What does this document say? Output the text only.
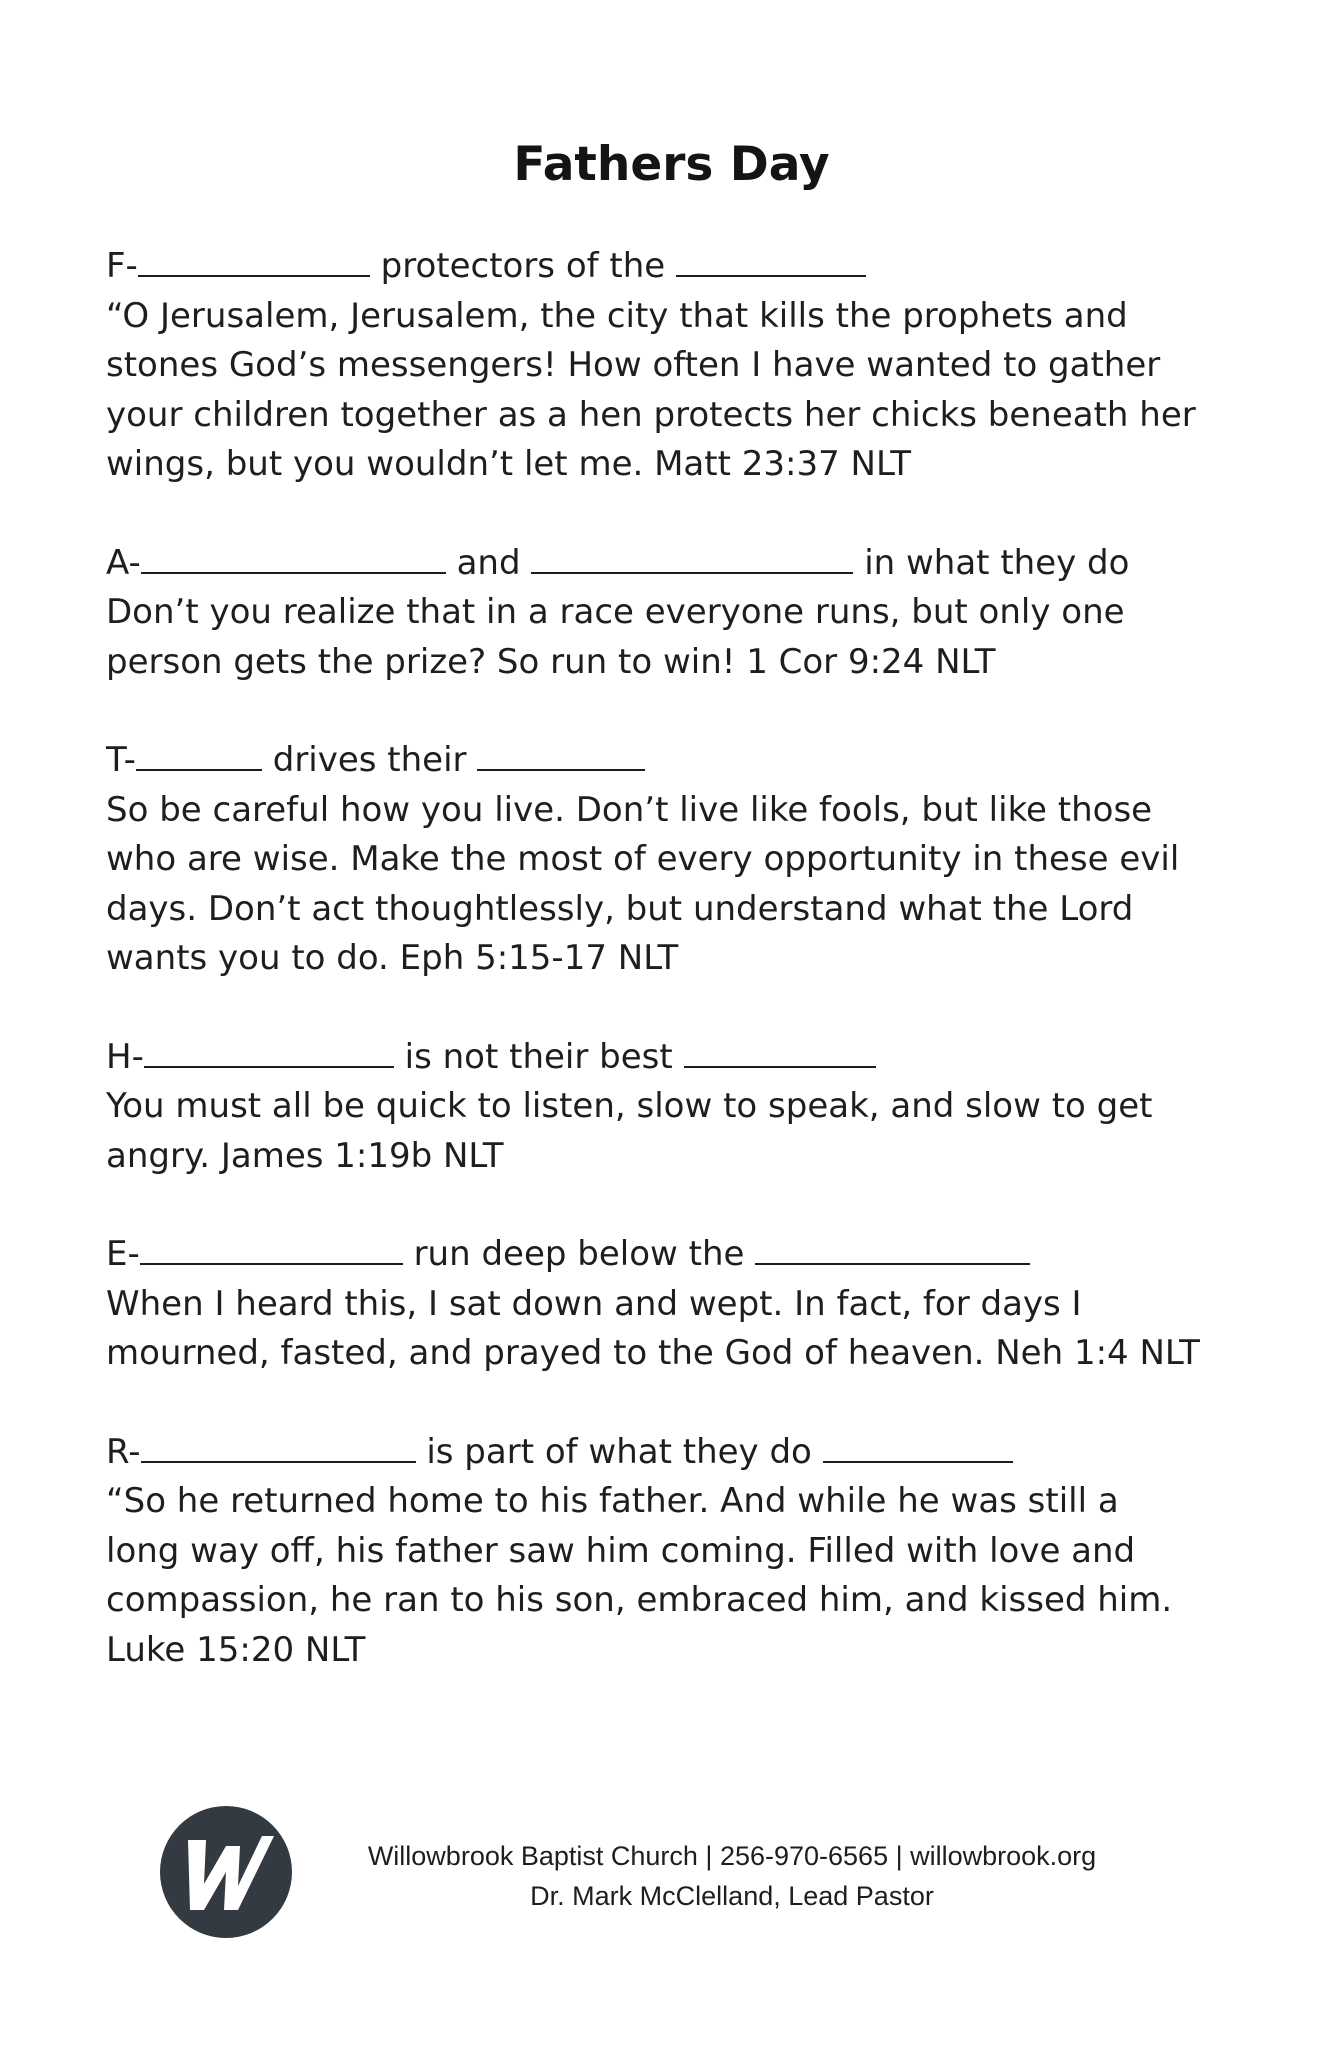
Fathers Day
F-	protectors of the
“O Jerusalem, Jerusalem, the city that kills the prophets and
stones God’s messengers! How often I have wanted to gather
your children together as a hen protects her chicks beneath her
wings, but you wouldn’t let me. Matt 23:37 NLT
A-	and	in what they do
Don’t you realize that in a race everyone runs, but only one
person gets the prize? So run to win! 1 Cor 9:24 NLT
T-	drives their
So be careful how you live. Don’t live like fools, but like those
who are wise. Make the most of every opportunity in these evil
days. Don’t act thoughtlessly, but understand what the Lord
wants you to do. Eph 5:15-17 NLT
H-	is not their best
You must all be quick to listen, slow to speak, and slow to get
angry. James 1:19b NLT
E-	run deep below the
When I heard this, I sat down and wept. In fact, for days I
mourned, fasted, and prayed to the God of heaven. Neh 1:4 NLT
R-	is part of what they do
“So he returned home to his father. And while he was still a
long way off, his father saw him coming. Filled with love and
compassion, he ran to his son, embraced him, and kissed him.
Luke 15:20 NLT
Willowbrook Baptist Church | 256-970-6565 | willowbrook.org
Dr. Mark McClelland, Lead Pastor
